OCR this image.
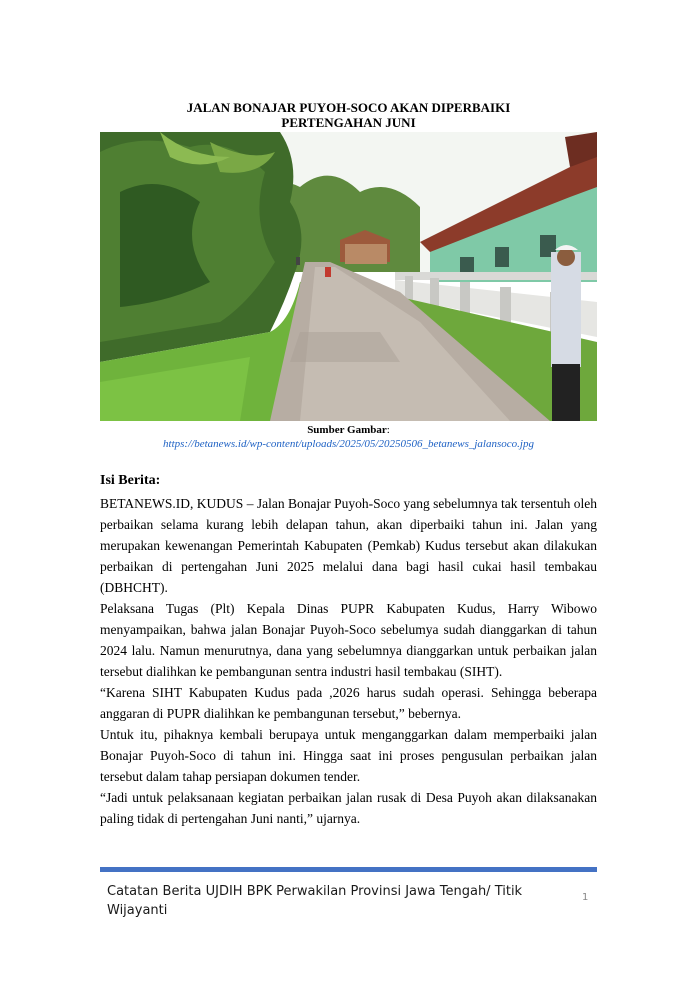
JALAN BONAJAR PUYOH-SOCO AKAN DIPERBAIKI
PERTENGAHAN JUNI
Sumber Gambar:
https://betanews.id/wp-content/uploads/2025/05/20250506_betanews_jalansoco.jpg
Isi Berita:

BETANEWS.ID, KUDUS – Jalan Bonajar Puyoh-Soco yang sebelumnya tak tersentuh oleh perbaikan selama kurang lebih delapan tahun, akan diperbaiki tahun ini. Jalan yang merupakan kewenangan Pemerintah Kabupaten (Pemkab) Kudus tersebut akan dilakukan perbaikan di pertengahan Juni 2025 melalui dana bagi hasil cukai hasil tembakau (DBHCHT).

Pelaksana Tugas (Plt) Kepala Dinas PUPR Kabupaten Kudus, Harry Wibowo menyampaikan, bahwa jalan Bonajar Puyoh-Soco sebelumya sudah dianggarkan di tahun 2024 lalu. Namun menurutnya, dana yang sebelumnya dianggarkan untuk perbaikan jalan tersebut dialihkan ke pembangunan sentra industri hasil tembakau (SIHT).

“Karena SIHT Kabupaten Kudus pada ,2026 harus sudah operasi. Sehingga beberapa anggaran di PUPR dialihkan ke pembangunan tersebut,” bebernya.

Untuk itu, pihaknya kembali berupaya untuk menganggarkan dalam memperbaiki jalan Bonajar Puyoh-Soco di tahun ini. Hingga saat ini proses pengusulan perbaikan jalan tersebut dalam tahap persiapan dokumen tender.

“Jadi untuk pelaksanaan kegiatan perbaikan jalan rusak di Desa Puyoh akan dilaksanakan paling tidak di pertengahan Juni nanti,” ujarnya.

Catatan Berita UJDIH BPK Perwakilan Provinsi Jawa Tengah/ Titik Wijayanti
1
